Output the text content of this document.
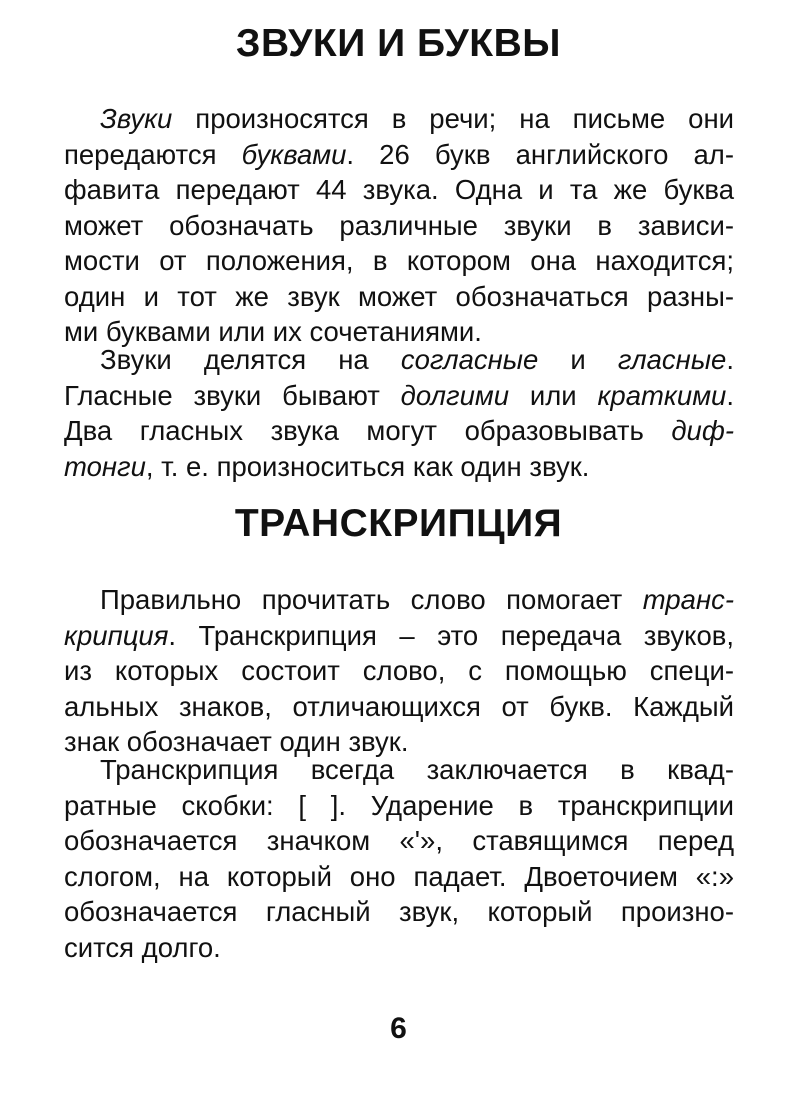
ЗВУКИ И БУКВЫ
Звуки произносятся в речи; на письме они
передаются буквами. 26 букв английского ал-
фавита передают 44 звука. Одна и та же буква
может обозначать различные звуки в зависи-
мости от положения, в котором она находится;
один и тот же звук может обозначаться разны-
ми буквами или их сочетаниями.
Звуки делятся на согласные и гласные.
Гласные звуки бывают долгими или краткими.
Два гласных звука могут образовывать диф-
тонги, т. е. произноситься как один звук.
ТРАНСКРИПЦИЯ
Правильно прочитать слово помогает транс-
крипция. Транскрипция – это передача звуков,
из которых состоит слово, с помощью специ-
альных знаков, отличающихся от букв. Каждый
знак обозначает один звук.
Транскрипция всегда заключается в квад-
ратные скобки: [ ]. Ударение в транскрипции
обозначается значком «ʹ», ставящимся перед
слогом, на который оно падает. Двоеточием «:»
обозначается гласный звук, который произно-
сится долго.
6
